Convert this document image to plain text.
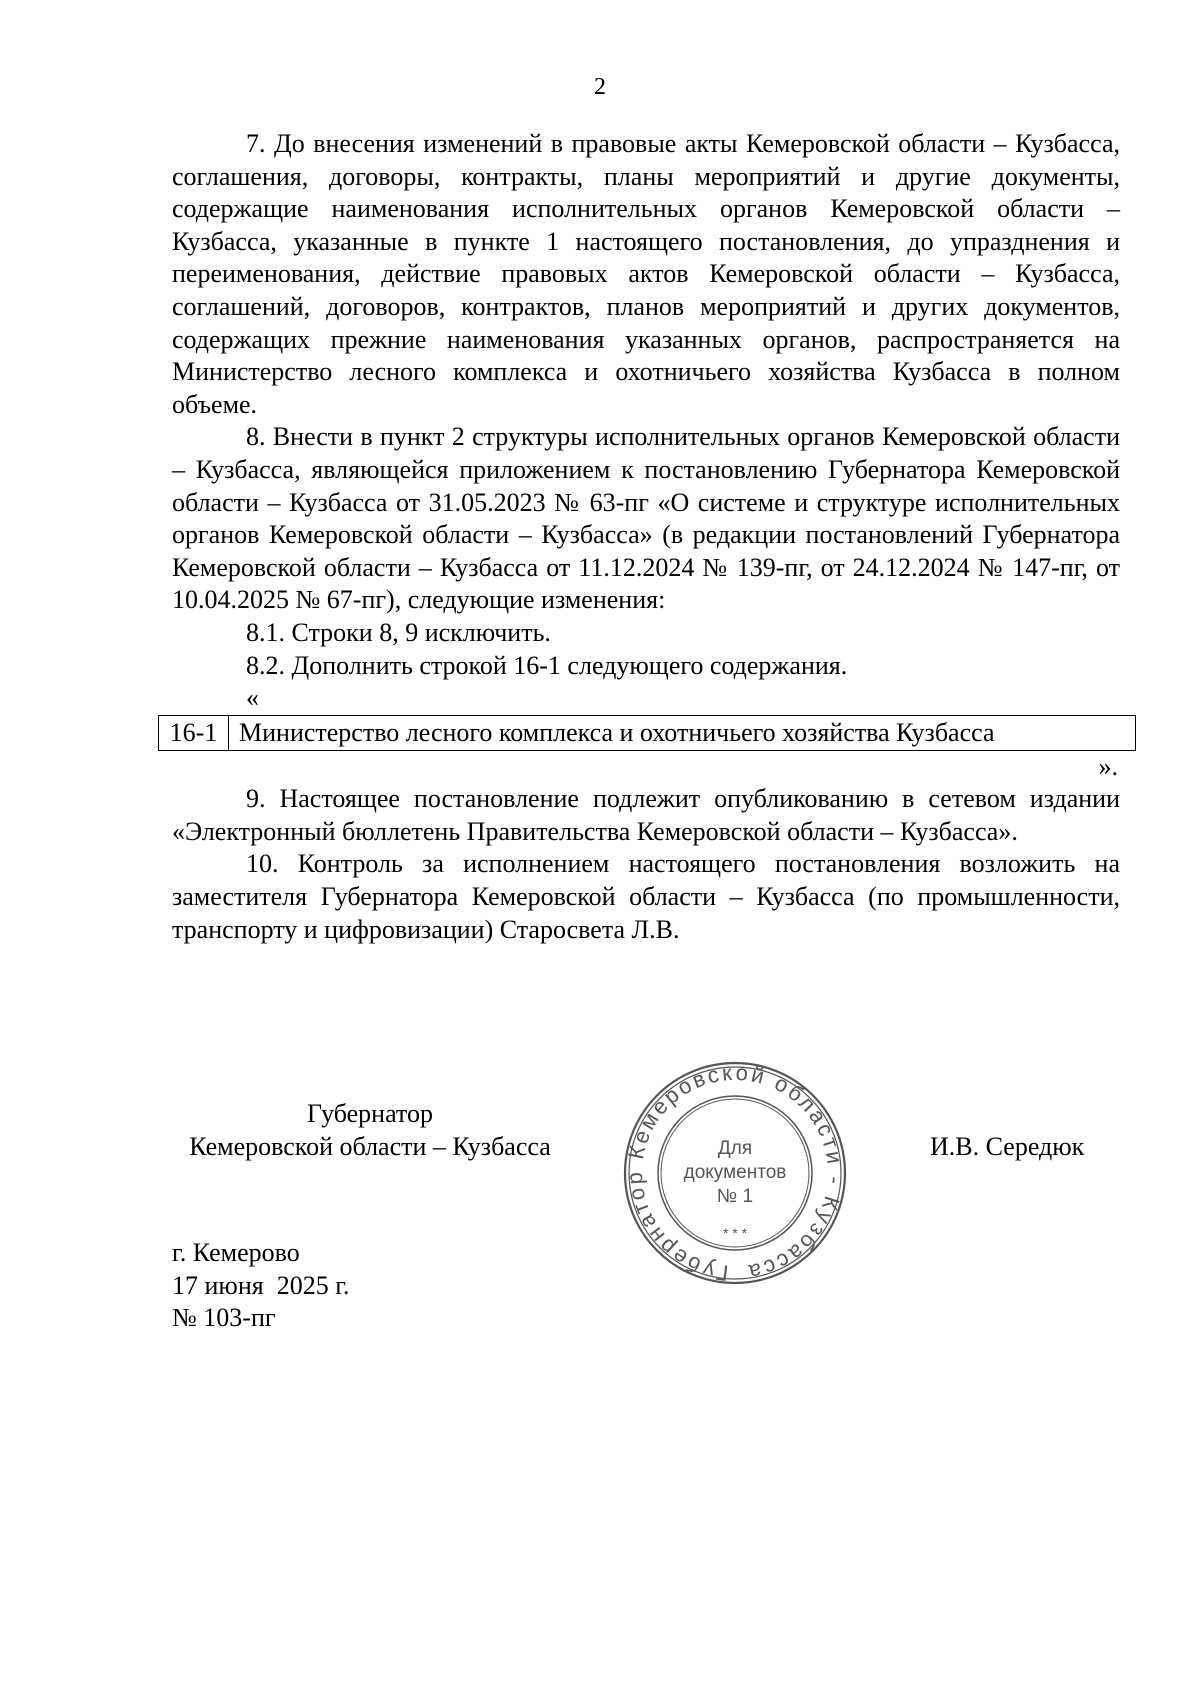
2

7. До внесения изменений в правовые акты Кемеровской области – Кузбасса, соглашения, договоры, контракты, планы мероприятий и другие документы, содержащие наименования исполнительных органов Кемеровской области – Кузбасса, указанные в пункте 1 настоящего постановления, до упразднения и переименования, действие правовых актов Кемеровской области – Кузбасса, соглашений, договоров, контрактов, планов мероприятий и других документов, содержащих прежние наименования указанных органов, распространяется на Министерство лесного комплекса и охотничьего хозяйства Кузбасса в полном объеме.

8. Внести в пункт 2 структуры исполнительных органов Кемеровской области – Кузбасса, являющейся приложением к постановлению Губернатора Кемеровской области – Кузбасса от 31.05.2023 № 63-пг «О системе и структуре исполнительных органов Кемеровской области – Кузбасса» (в редакции постановлений Губернатора Кемеровской области – Кузбасса от 11.12.2024 № 139-пг, от 24.12.2024 № 147-пг, от 10.04.2025 № 67-пг), следующие изменения:

8.1. Строки 8, 9 исключить.

8.2. Дополнить строкой 16-1 следующего содержания.

«

16-1	Министерство лесного комплекса и охотничьего хозяйства Кузбасса

».

9. Настоящее постановление подлежит опубликованию в сетевом издании «Электронный бюллетень Правительства Кемеровской области – Кузбасса».

10. Контроль за исполнением настоящего постановления возложить на заместителя Губернатора Кемеровской области – Кузбасса (по промышленности, транспорту и цифровизации) Старосвета Л.В.

Губернатор
Кемеровской области – Кузбасса	И.В. Середюк
Губернатор Кемеровской области - Кузбасса
Для
документов
№ 1
* * *
г. Кемерово
17 июня  2025 г.
№ 103-пг
